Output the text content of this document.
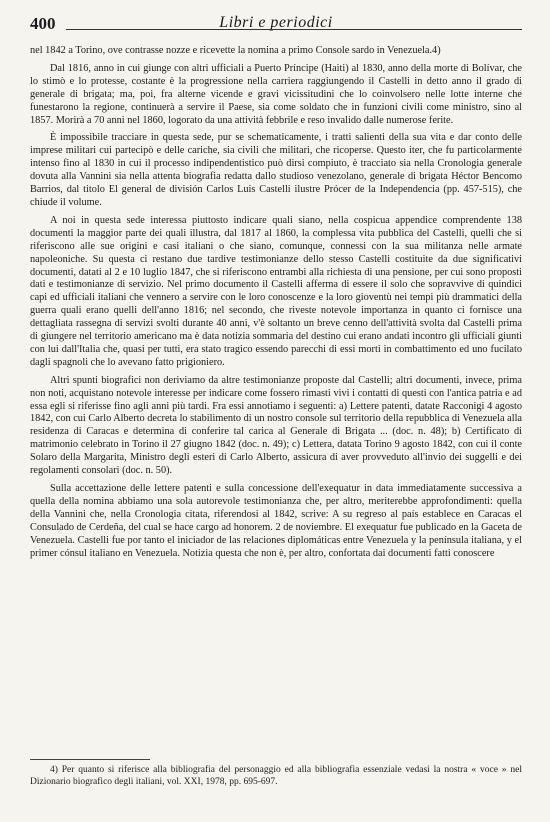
400	Libri e periodici

nel 1842 a Torino, ove contrasse nozze e ricevette la nomina a primo Console sardo in Venezuela.4)

Dal 1816, anno in cui giunge con altri ufficiali a Puerto Príncipe (Haiti) al 1830, anno della morte di Bolívar, che lo stimò e lo protesse, costante è la progressione nella carriera raggiungendo il Castelli in detto anno il grado di generale di brigata; ma, poi, fra alterne vicende e gravi vicissitudini che lo coinvolsero nelle lotte interne che funestarono la regione, continuerà a servire il Paese, sia come soldato che in funzioni civili come ministro, sino al 1857. Morirà a 70 anni nel 1860, logorato da una attività febbrile e reso invalido dalle numerose ferite.

È impossibile tracciare in questa sede, pur se schematicamente, i tratti salienti della sua vita e dar conto delle imprese militari cui partecipò e delle cariche, sia civili che militari, che ricoperse. Questo iter, che fu particolarmente intenso fino al 1830 in cui il processo indipendentistico può dirsi compiuto, è tracciato sia nella Cronologia generale dovuta alla Vannini sia nella attenta biografia redatta dallo studioso venezolano, generale di brigata Héctor Bencomo Barrios, dal titolo El general de división Carlos Luis Castelli ilustre Prócer de la Independencia (pp. 457-515), che chiude il volume.

A noi in questa sede interessa piuttosto indicare quali siano, nella cospicua appendice comprendente 138 documenti la maggior parte dei quali illustra, dal 1817 al 1860, la complessa vita pubblica del Castelli, quelli che si riferiscono alle sue origini e casi italiani o che siano, comunque, connessi con la sua militanza nelle armate napoleoniche. Su questa ci restano due tardive testimonianze dello stesso Castelli costituite da due significativi documenti, datati al 2 e 10 luglio 1847, che si riferiscono entrambi alla richiesta di una pensione, per cui sono proposti dati e testimonianze di servizio. Nel primo documento il Castelli afferma di essere il solo che sopravvive di quindici capi ed ufficiali italiani che vennero a servire con le loro conoscenze e la loro gioventù nei tempi più drammatici della guerra quali erano quelli dell'anno 1816; nel secondo, che riveste notevole importanza in quanto ci fornisce una dettagliata rassegna di servizi svolti durante 40 anni, v'è soltanto un breve cenno dell'attività svolta dal Castelli prima di giungere nel territorio americano ma è data notizia sommaria del destino cui erano andati incontro gli ufficiali giunti con lui dall'Italia che, quasi per tutti, era stato tragico essendo parecchi di essi morti in combattimento ed uno fucilato dagli spagnoli che lo avevano fatto prigioniero.

Altri spunti biografici non deriviamo da altre testimonianze proposte dal Castelli; altri documenti, invece, prima non noti, acquistano notevole interesse per indicare come fossero rimasti vivi i contatti di questi con l'antica patria e ad essa egli si riferisse fino agli anni più tardi. Fra essi annotiamo i seguenti: a) Lettere patenti, datate Racconigi 4 agosto 1842, con cui Carlo Alberto decreta lo stabilimento di un nostro console sul territorio della repubblica di Venezuela alla residenza di Caracas e determina di conferire tal carica al Generale di Brigata ... (doc. n. 48); b) Certificato di matrimonio celebrato in Torino il 27 giugno 1842 (doc. n. 49); c) Lettera, datata Torino 9 agosto 1842, con cui il conte Solaro della Margarita, Ministro degli esteri di Carlo Alberto, assicura di aver provveduto all'invio dei suggelli e dei regolamenti consolari (doc. n. 50).

Sulla accettazione delle lettere patenti e sulla concessione dell'exequatur in data immediatamente successiva a quella della nomina abbiamo una sola autorevole testimonianza che, per altro, meriterebbe approfondimenti: quella della Vannini che, nella Cronologia citata, riferendosi al 1842, scrive: A su regreso al país establece en Caracas el Consulado de Cerdeña, del cual se hace cargo ad honorem. 2 de noviembre. El exequatur fue publicado en la Gaceta de Venezuela. Castelli fue por tanto el iniciador de las relaciones diplomáticas entre Venezuela y la península italiana, y el primer cónsul italiano en Venezuela. Notizia questa che non è, per altro, confortata dai documenti fatti conoscere

4) Per quanto si riferisce alla bibliografia del personaggio ed alla bibliografia essenziale vedasi la nostra « voce » nel Dizionario biografico degli italiani, vol. XXI, 1978, pp. 695-697.
